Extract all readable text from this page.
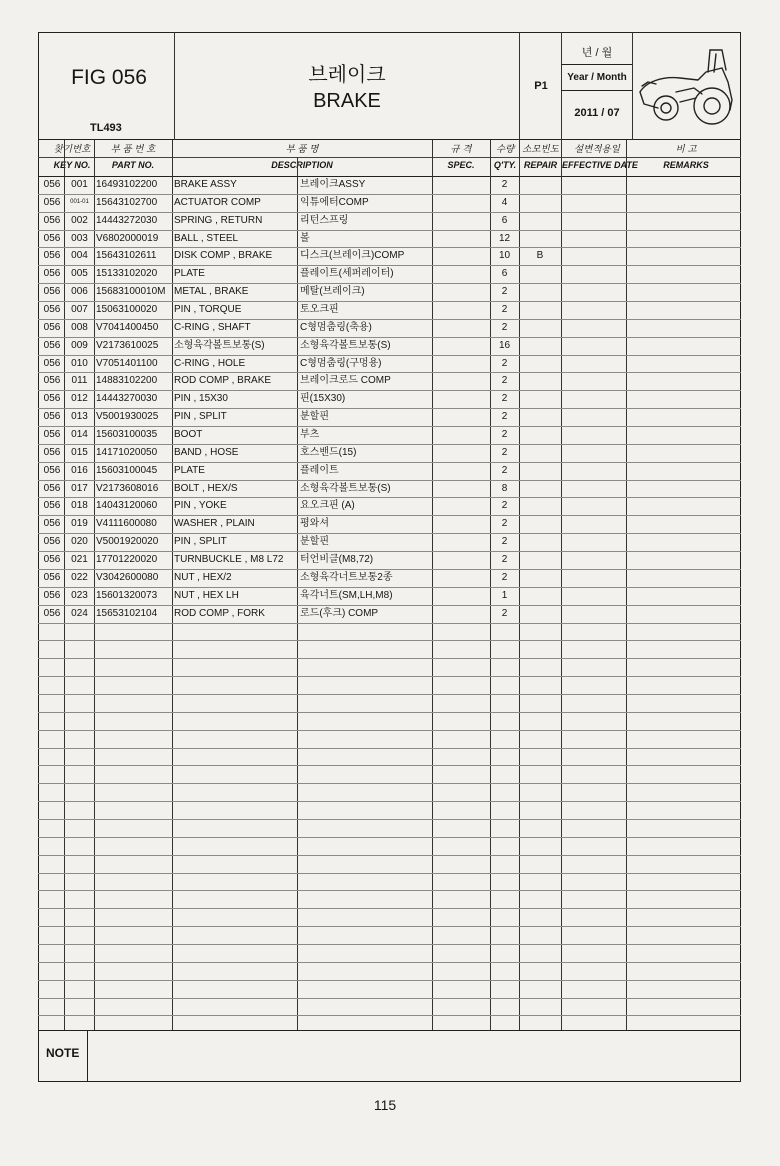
FIG 056
TL493
브레이크
BRAKE
P1
년 / 월
Year / Month
2011 / 07
찾기번호
KEY NO.
부 품 번 호
PART NO.
부 품 명
DESCRIPTION
규 격
SPEC.
수량
Q'TY.
소모빈도
REPAIR
설변적용일
EFFECTIVE DATE
비 고
REMARKS
056	001 16493102200	BRAKE ASSY	브레이크ASSY	2
056	001-01 15643102700	ACTUATOR COMP	익튜에터COMP	4
056	002 14443272030	SPRING , RETURN	리턴스프링	6
056	003 V6802000019	BALL , STEEL	볼	12
056	004 15643102611	DISK COMP , BRAKE	디스크(브레이크)COMP	10	B
056	005 15133102020	PLATE	플레이트(세퍼레이터)	6
056	006 15683100010M METAL , BRAKE	메탈(브레이크)	2
056	007 15063100020	PIN , TORQUE	토오크핀	2
056	008 V7041400450	C-RING , SHAFT	C형멈춤링(축용)	2
056	009 V2173610025	소형육각볼트보통(S)	소형육각볼트보통(S)	16
056	010 V7051401100	C-RING , HOLE	C형멈춤링(구멍용)	2
056	011 14883102200	ROD COMP , BRAKE	브레이크로드 COMP	2
056	012 14443270030	PIN , 15X30	핀(15X30)	2
056	013 V5001930025	PIN , SPLIT	분할핀	2
056	014 15603100035	BOOT	부츠	2
056	015 14171020050	BAND , HOSE	호스밴드(15)	2
056	016 15603100045	PLATE	플레이트	2
056	017 V2173608016	BOLT , HEX/S	소형육각볼트보통(S)	8
056	018 14043120060	PIN , YOKE	요오크핀 (A)	2
056	019 V4111600080	WASHER , PLAIN	평와셔	2
056	020 V5001920020	PIN , SPLIT	분할핀	2
056	021 17701220020	TURNBUCKLE , M8 L72	터언비클(M8,72)	2
056	022 V3042600080	NUT , HEX/2	소형육각너트보통2종	2
056	023 15601320073	NUT , HEX LH	육각너트(SM,LH,M8)	1
056	024 15653102104	ROD COMP , FORK	로드(후크) COMP	2
NOTE
115
